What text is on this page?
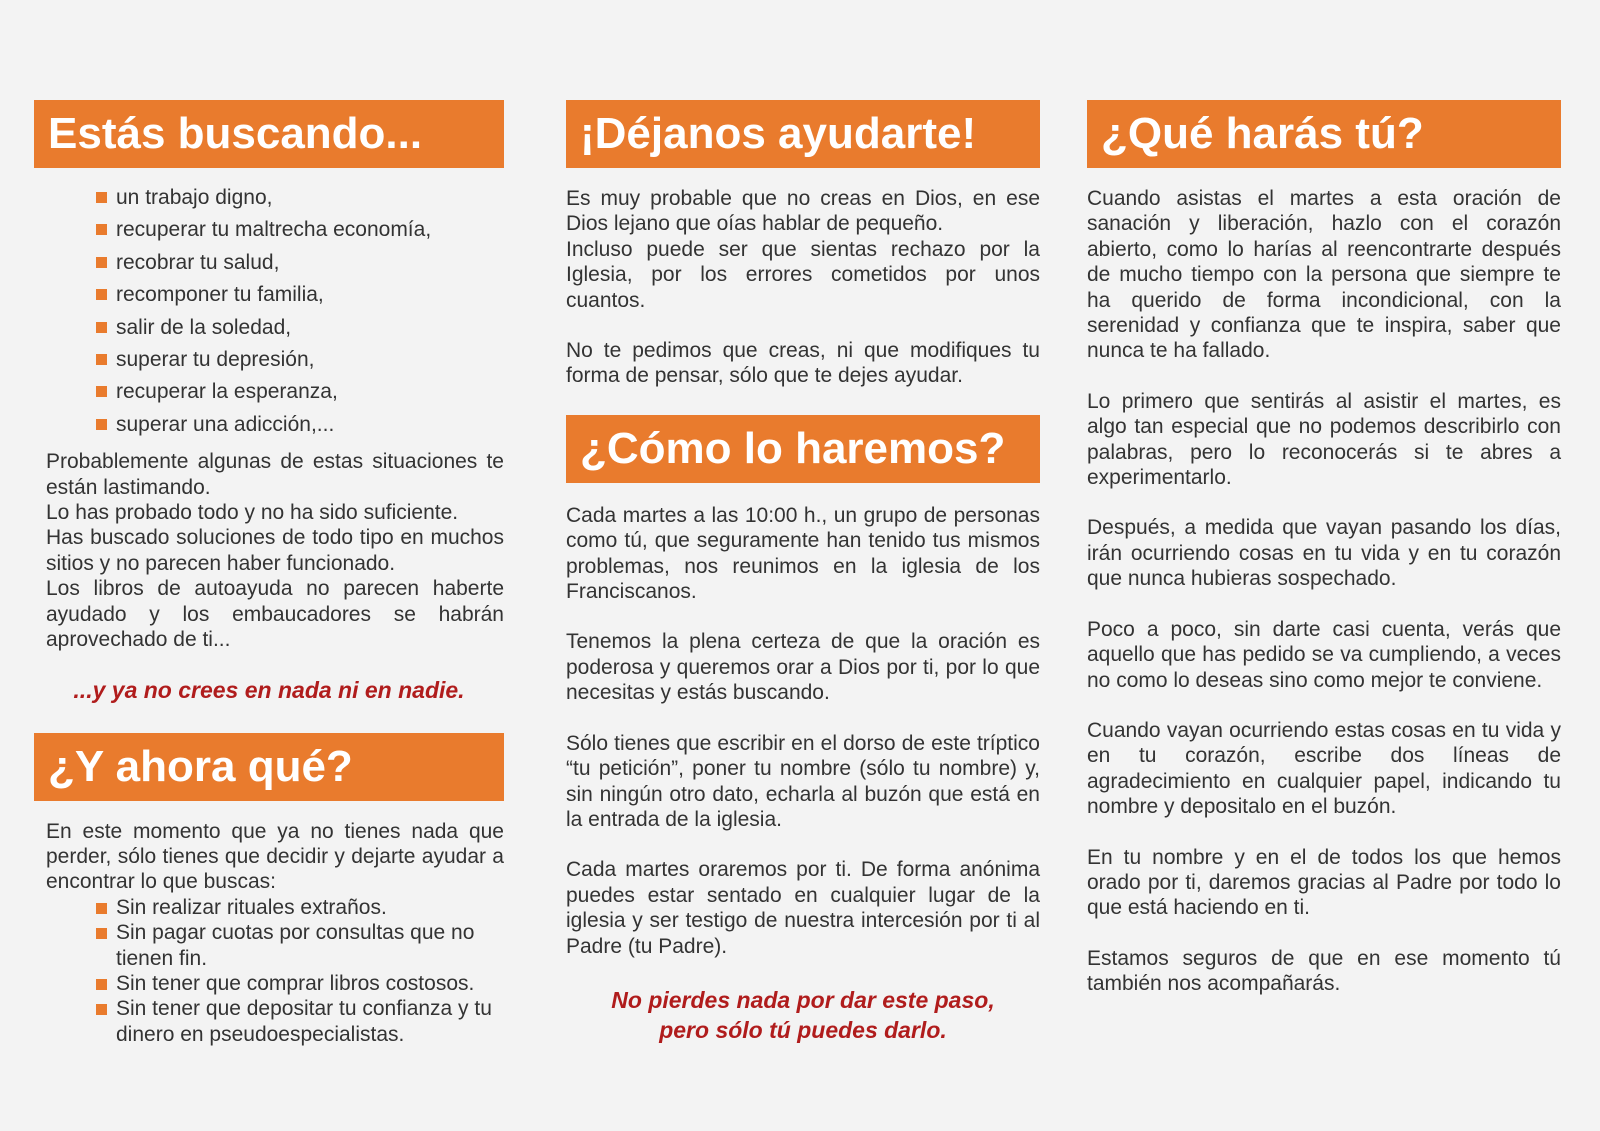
Estás buscando...
un trabajo digno,
recuperar tu maltrecha economía,
recobrar tu salud,
recomponer tu familia,
salir de la soledad,
superar tu depresión,
recuperar la esperanza,
superar una adicción,...

Probablemente algunas de estas situaciones te están lastimando.

Lo has probado todo y no ha sido suficiente.

Has buscado soluciones de todo tipo en muchos sitios y no parecen haber funcionado.

Los libros de autoayuda no parecen haberte ayudado y los embaucadores se habrán aprovechado de ti...

...y ya no crees en nada ni en nadie.
¿Y ahora qué?

En este momento que ya no tienes nada que perder, sólo tienes que decidir y dejarte ayudar a encontrar lo que buscas:

Sin realizar rituales extraños.
Sin pagar cuotas por consultas que no tienen fin.
Sin tener que comprar libros costosos.
Sin tener que depositar tu confianza y tu dinero en pseudoespecialistas.
¡Déjanos ayudarte!

Es muy probable que no creas en Dios, en ese Dios lejano que oías hablar de pequeño.

Incluso puede ser que sientas rechazo por la Iglesia, por los errores cometidos por unos cuantos.

No te pedimos que creas, ni que modifiques tu forma de pensar, sólo que te dejes ayudar.

¿Cómo lo haremos?

Cada martes a las 10:00 h., un grupo de personas como tú, que seguramente han tenido tus mismos problemas, nos reunimos en la iglesia de los Franciscanos.

Tenemos la plena certeza de que la oración es poderosa y queremos orar a Dios por ti, por lo que necesitas y estás buscando.

Sólo tienes que escribir en el dorso de este tríptico “tu petición”, poner tu nombre (sólo tu nombre) y, sin ningún otro dato, echarla al buzón que está en la entrada de la iglesia.

Cada martes oraremos por ti. De forma anónima puedes estar sentado en cualquier lugar de la iglesia y ser testigo de nuestra intercesión por ti al Padre (tu Padre).

No pierdes nada por dar este paso,
pero sólo tú puedes darlo.
¿Qué harás tú?

Cuando asistas el martes a esta oración de sanación y liberación, hazlo con el corazón abierto, como lo harías al reencontrarte después de mucho tiempo con la persona que siempre te ha querido de forma incondicional, con la serenidad y confianza que te inspira, saber que nunca te ha fallado.

Lo primero que sentirás al asistir el martes, es algo tan especial que no podemos describirlo con palabras, pero lo reconocerás si te abres a experimentarlo.

Después, a medida que vayan pasando los días, irán ocurriendo cosas en tu vida y en tu corazón que nunca hubieras sospechado.

Poco a poco, sin darte casi cuenta, verás que aquello que has pedido se va cumpliendo, a veces no como lo deseas sino como mejor te conviene.

Cuando vayan ocurriendo estas cosas en tu vida y en tu corazón, escribe dos líneas de agradecimiento en cualquier papel, indicando tu nombre y depositalo en el buzón.

En tu nombre y en el de todos los que hemos orado por ti, daremos gracias al Padre por todo lo que está haciendo en ti.

Estamos seguros de que en ese momento tú también nos acompañarás.
